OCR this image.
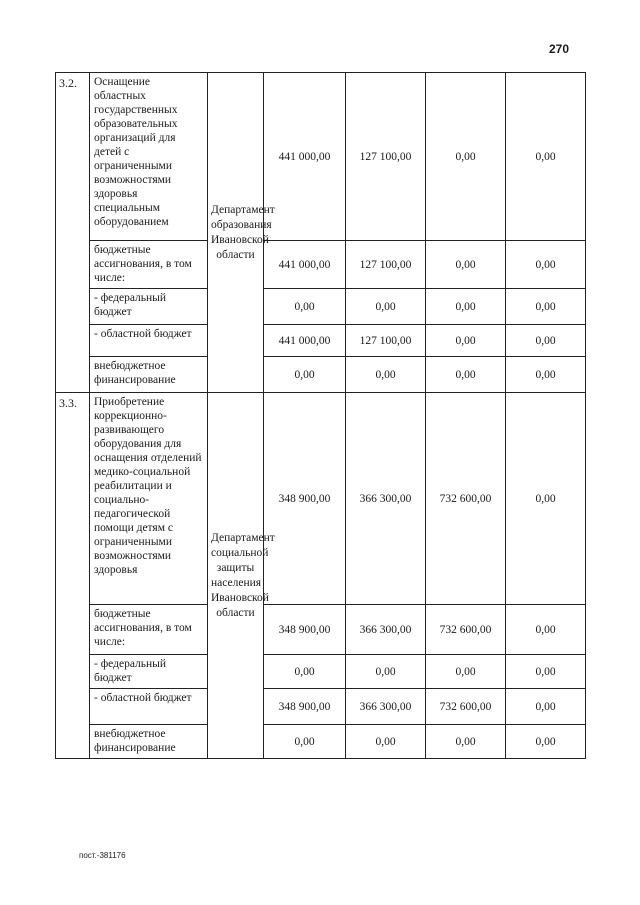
270
3.2.	Оснащение областных государственных образовательных организаций для детей с ограниченными возможностями здоровья специальным оборудованием	Департамент образования Ивановской области	441 000,00	127 100,00	0,00	0,00
	бюджетные ассигнования, в том числе:		441 000,00	127 100,00	0,00	0,00
	- федеральный бюджет		0,00	0,00	0,00	0,00
	- областной бюджет		441 000,00	127 100,00	0,00	0,00
	внебюджетное финансирование		0,00	0,00	0,00	0,00
3.3.	Приобретение коррекционно-развивающего оборудования для оснащения отделений медико-социальной реабилитации и социально-педагогической помощи детям с ограниченными возможностями здоровья	Департамент социальной защиты населения Ивановской области	348 900,00	366 300,00	732 600,00	0,00
	бюджетные ассигнования, в том числе:		348 900,00	366 300,00	732 600,00	0,00
	- федеральный бюджет		0,00	0,00	0,00	0,00
	- областной бюджет		348 900,00	366 300,00	732 600,00	0,00
	внебюджетное финансирование		0,00	0,00	0,00	0,00
пост.-381176
